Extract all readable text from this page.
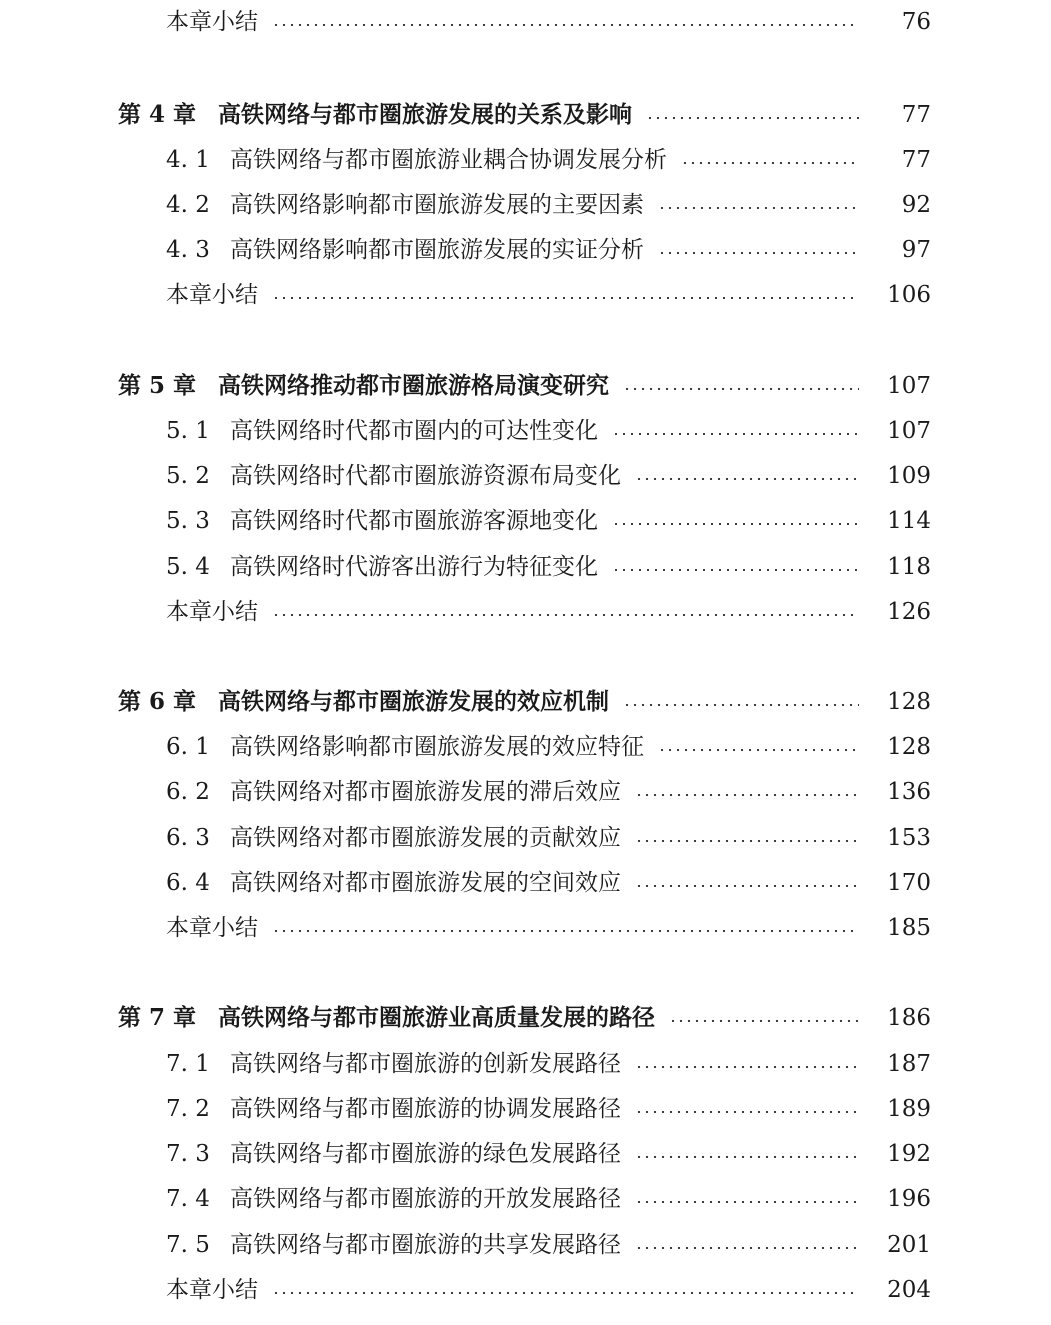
本章小结	76
第 4 章 高铁网络与都市圈旅游发展的关系及影响	77
4. 1 高铁网络与都市圈旅游业耦合协调发展分析	77
4. 2 高铁网络影响都市圈旅游发展的主要因素	92
4. 3 高铁网络影响都市圈旅游发展的实证分析	97
本章小结	106
第 5 章 高铁网络推动都市圈旅游格局演变研究	107
5. 1 高铁网络时代都市圈内的可达性变化	107
5. 2 高铁网络时代都市圈旅游资源布局变化	109
5. 3 高铁网络时代都市圈旅游客源地变化	114
5. 4 高铁网络时代游客出游行为特征变化	118
本章小结	126
第 6 章 高铁网络与都市圈旅游发展的效应机制	128
6. 1 高铁网络影响都市圈旅游发展的效应特征	128
6. 2 高铁网络对都市圈旅游发展的滞后效应	136
6. 3 高铁网络对都市圈旅游发展的贡献效应	153
6. 4 高铁网络对都市圈旅游发展的空间效应	170
本章小结	185
第 7 章 高铁网络与都市圈旅游业高质量发展的路径	186
7. 1 高铁网络与都市圈旅游的创新发展路径	187
7. 2 高铁网络与都市圈旅游的协调发展路径	189
7. 3 高铁网络与都市圈旅游的绿色发展路径	192
7. 4 高铁网络与都市圈旅游的开放发展路径	196
7. 5 高铁网络与都市圈旅游的共享发展路径	201
本章小结	204
